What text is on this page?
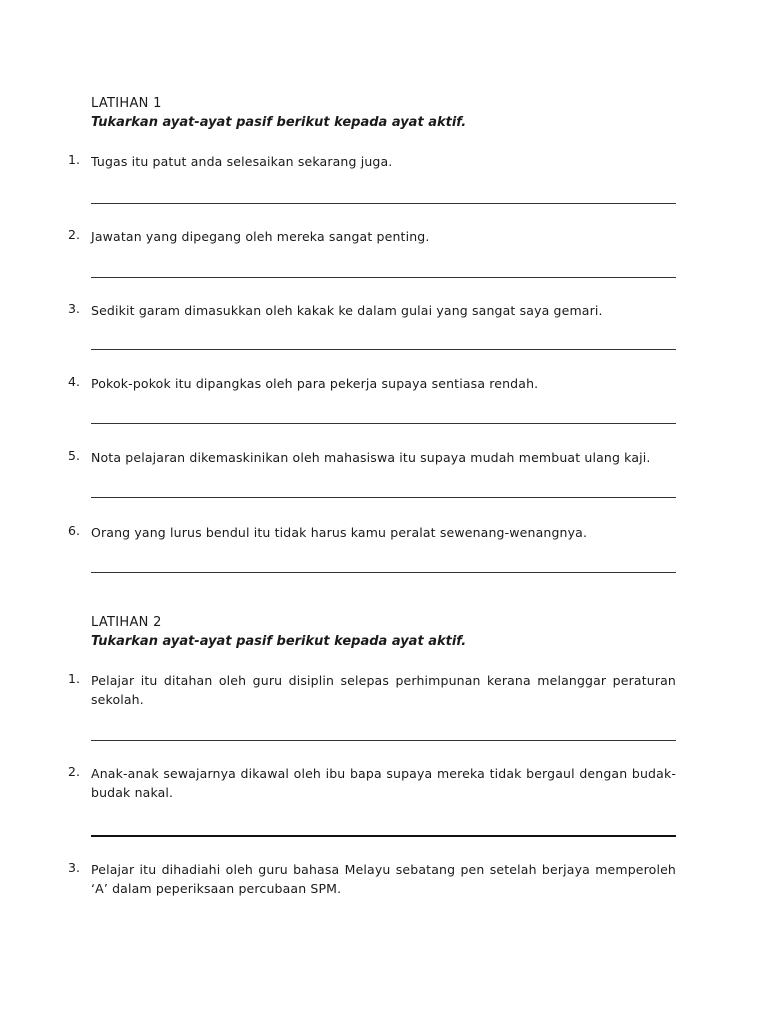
LATIHAN 1
Tukarkan ayat-ayat pasif berikut kepada ayat aktif.
1. Tugas itu patut anda selesaikan sekarang juga.
2. Jawatan yang dipegang oleh mereka sangat penting.
3. Sedikit garam dimasukkan oleh kakak ke dalam gulai yang sangat saya gemari.
4. Pokok-pokok itu dipangkas oleh para pekerja supaya sentiasa rendah.
5. Nota pelajaran dikemaskinikan oleh mahasiswa itu supaya mudah membuat ulang kaji.
6. Orang yang lurus bendul itu tidak harus kamu peralat sewenang-wenangnya.
LATIHAN 2
Tukarkan ayat-ayat pasif berikut kepada ayat aktif.
1. Pelajar itu ditahan oleh guru disiplin selepas perhimpunan kerana melanggar peraturan sekolah.
2. Anak-anak sewajarnya dikawal oleh ibu bapa supaya mereka tidak bergaul dengan budak-budak nakal.
3. Pelajar itu dihadiahi oleh guru bahasa Melayu sebatang pen setelah berjaya memperoleh ‘A’ dalam peperiksaan percubaan SPM.
